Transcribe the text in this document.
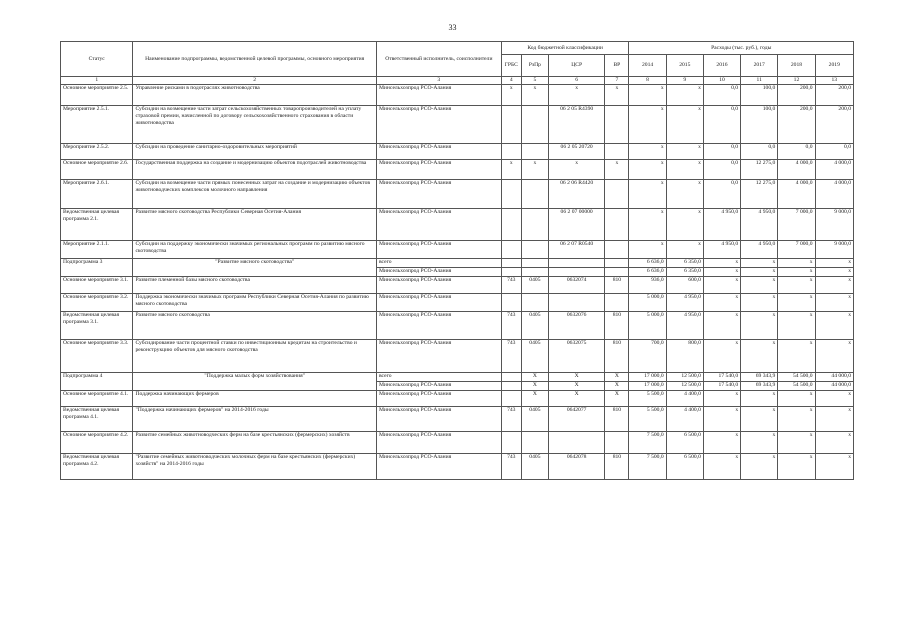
33
Статус	Наименование подпрограммы, ведомственной целевой программы, основного мероприятия	Ответственный исполнитель, соисполнители	Код бюджетной классификации				Расходы (тыс. руб.), годы					
			ГРБС	РзПр	ЦСР	ВР	2014	2015	2016	2017	2018	2019
1	2	3	4	5	6	7	8	9	10	11	12	13
Основное мероприятие 2.5.	Управление рисками в подотраслях животноводства	Минсельхозпрод РСО-Алания	х	х	х	х	х	х	0,0	100,0	200,0	200,0
Мероприятие 2.5.1.	Субсидии на возмещение части затрат сельскохозяйственных товаропроизводителей на уплату страховой премии, начисленной по договору сельскохозяйственного страхования в области животноводства	Минсельхозпрод РСО-Алания			06 2 05 R4390		х	х	0,0	100,0	200,0	200,0
Мероприятие 2.5.2.	Субсидии на проведение санитарно-оздоровительных мероприятий	Минсельхозпрод РСО-Алания			06 2 05 20720		х	х	0,0	0,0	0,0	0,0
Основное мероприятие 2.6.	Государственная поддержка на создание и модернизацию объектов подотраслей животноводства	Минсельхозпрод РСО-Алания	х	х	х	х	х	х	0,0	12 275,0	4 000,0	4 000,0
Мероприятие 2.6.1.	Субсидии на возмещение части прямых понесенных затрат на создание и модернизацию объектов животноводческих комплексов молочного направления	Минсельхозпрод РСО-Алания			06 2 06 R4420		х	х	0,0	12 275,0	4 000,0	4 000,0
Ведомственная целевая программа 2.1.	Развитие мясного скотоводства Республики Северная Осетия-Алания	Минсельхозпрод РСО-Алания			06 2 07 00000		х	х	4 950,0	4 950,0	7 000,0	9 000,0
Мероприятие 2.1.1.	Субсидии на поддержку экономически значимых региональных программ по развитию мясного скотоводства	Минсельхозпрод РСО-Алания			06 2 07 R0540		х	х	4 950,0	4 950,0	7 000,0	9 000,0
Подпрограмма 3	"Развитие мясного скотоводства"	всего					6 636,0	6 350,0	х	х	х	х
		Минсельхозпрод РСО-Алания					6 636,0	6 350,0	х	х	х	х
Основное мероприятие 3.1.	Развитие племенной базы мясного скотоводства	Минсельхозпрод РСО-Алания	743	0405	0632074	810	936,0	600,0	х	х	х	х
Основное мероприятие 3.2.	Поддержка экономически значимых программ Республики Северная Осетия-Алания по развитию мясного скотоводства	Минсельхозпрод РСО-Алания					5 000,0	4 950,0	х	х	х	х
Ведомственная целевая программа 3.1.	Развитие мясного скотоводства	Минсельхозпрод РСО-Алания	743	0405	0632076	810	5 000,0	4 950,0	х	х	х	х
Основное мероприятие 3.3.	Субсидирование части процентной ставки по инвестиционным кредитам на строительство и реконструкцию объектов для мясного скотоводства	Минсельхозпрод РСО-Алания	743	0405	0632075	810	700,0	800,0	х	х	х	х
Подпрограмма 4	"Поддержка малых форм хозяйствования"	всего		Х	Х	Х	17 000,0	12 500,0	17 540,0	69 343,9	54 500,0	44 000,0
		Минсельхозпрод РСО-Алания		Х	Х	Х	17 000,0	12 500,0	17 540,0	69 343,9	54 500,0	44 000,0
Основное мероприятие 4.1.	Поддержка начинающих фермеров	Минсельхозпрод РСО-Алания		Х	Х	Х	5 500,0	4 400,0	х	х	х	х
Ведомственная целевая программа 4.1.	"Поддержка начинающих фермеров" на 2014-2016 годы	Минсельхозпрод РСО-Алания	743	0405	0642077	810	5 500,0	4 400,0	х	х	х	х
Основное мероприятие 4.2.	Развитие семейных животноводческих ферм на базе крестьянских (фермерских) хозяйств	Минсельхозпрод РСО-Алания					7 500,0	6 500,0	х	х	х	х
Ведомственная целевая программа 4.2.	"Развитие семейных животноводческих молочных ферм на базе крестьянских (фермерских) хозяйств" на 2014-2016 годы	Минсельхозпрод РСО-Алания	743	0405	0642078	810	7 500,0	6 500,0	х	х	х	х
